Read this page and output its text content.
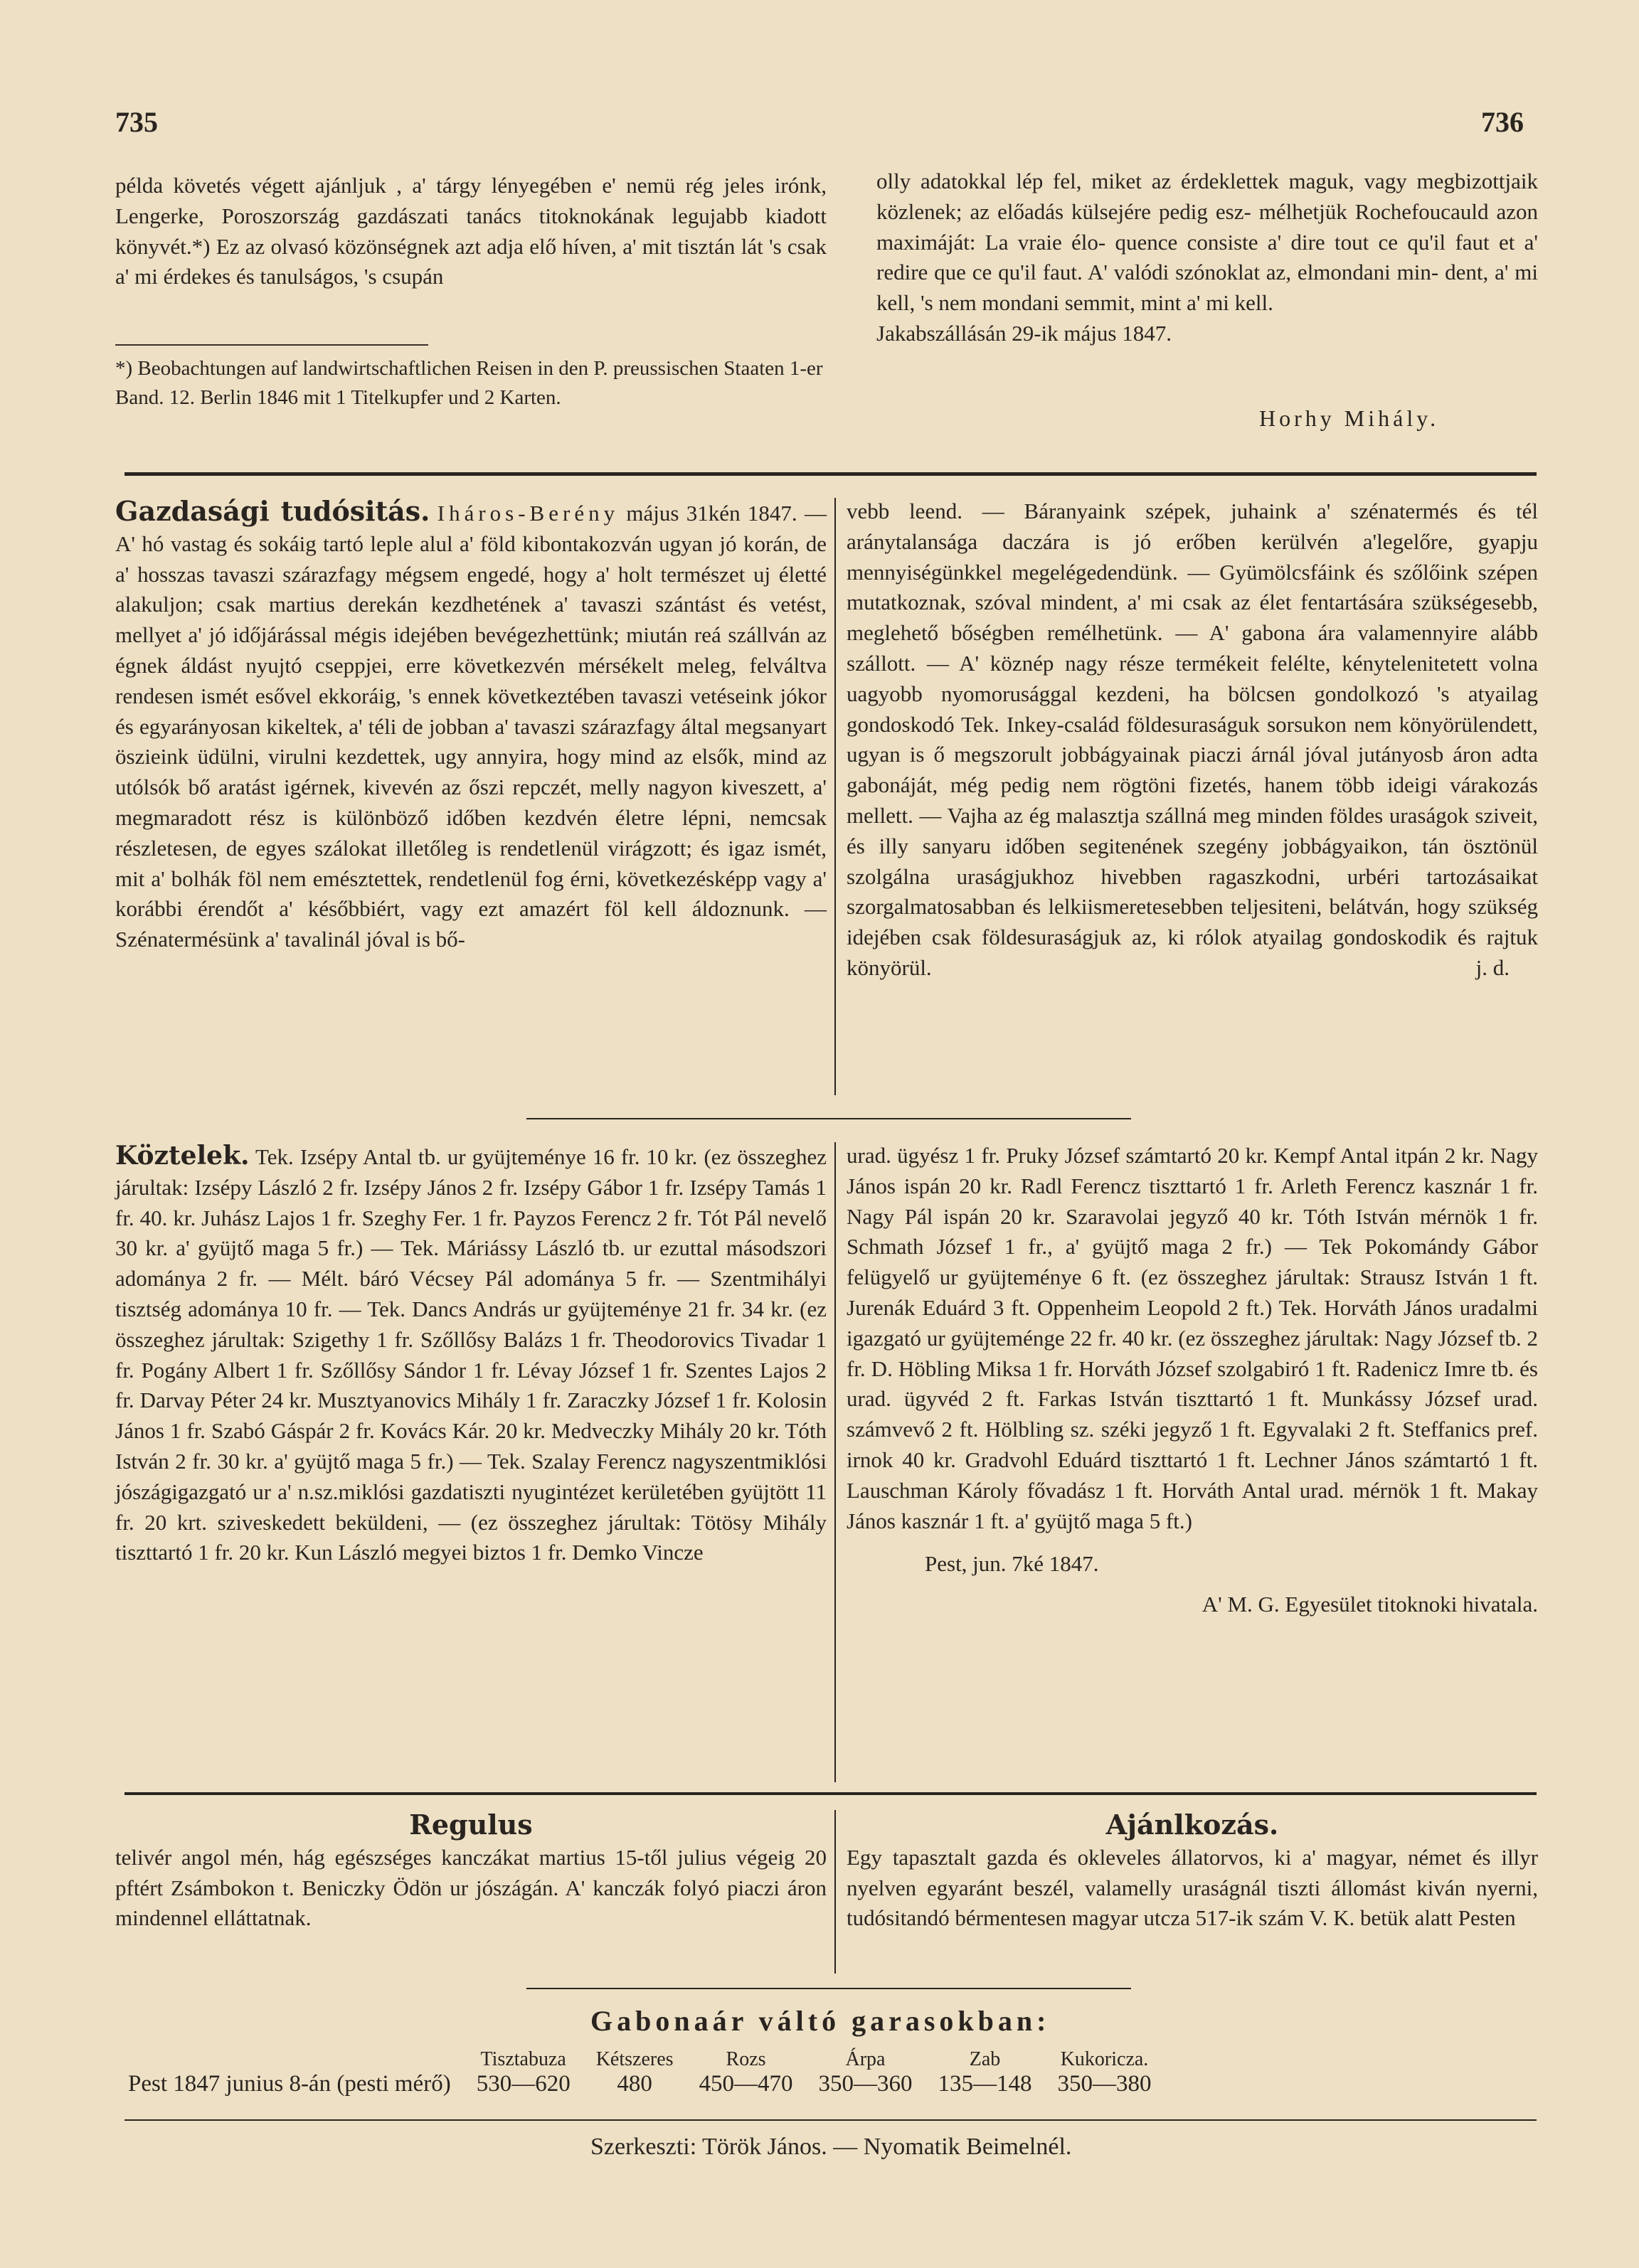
735	736

példa követés végett ajánljuk , a' tárgy lényegében e' nemü rég jeles irónk, Lengerke, Poroszország gazdászati tanács titoknokának legujabb kiadott könyvét.*) Ez az olvasó közönségnek azt adja elő híven, a' mit tisztán lát 's csak a' mi érdekes és tanulságos, 's csupán

*) Beobachtungen auf landwirtschaftlichen Reisen in den P. preussischen Staaten 1-er Band. 12. Berlin 1846 mit 1 Titelkupfer und 2 Karten.

olly adatokkal lép fel, miket az érdeklettek maguk, vagy megbizottjaik közlenek; az előadás külsejére pedig esz- mélhetjük Rochefoucauld azon maximáját: La vraie élo- quence consiste a' dire tout ce qu'il faut et a' redire que ce qu'il faut. A' valódi szónoklat az, elmondani min- dent, a' mi kell, 's nem mondani semmit, mint a' mi kell.

Jakabszállásán 29-ik május 1847.

Horhy Mihály.

Gazdasági tudósitás. Iháros-Berény május 31kén 1847. — A' hó vastag és sokáig tartó leple alul a' föld kibontakozván ugyan jó korán, de a' hosszas tavaszi szárazfagy mégsem engedé, hogy a' holt természet uj életté alakuljon; csak martius derekán kezdhetének a' tavaszi szántást és vetést, mellyet a' jó időjárással mégis idejében bevégezhettünk; miután reá szállván az égnek áldást nyujtó cseppjei, erre következvén mérsékelt meleg, felváltva rendesen ismét esővel ekkoráig, 's ennek következtében tavaszi vetéseink jókor és egyarányosan kikeltek, a' téli de jobban a' tavaszi szárazfagy által megsanyart öszieink üdülni, virulni kezdettek, ugy annyira, hogy mind az elsők, mind az utólsók bő aratást igérnek, kivevén az őszi repczét, melly nagyon kiveszett, a' megmaradott rész is különböző időben kezdvén életre lépni, nemcsak részletesen, de egyes szálokat illetőleg is rendetlenül virágzott; és igaz ismét, mit a' bolhák föl nem emésztettek, rendetlenül fog érni, következésképp vagy a' korábbi érendőt a' későbbiért, vagy ezt amazért föl kell áldoznunk. — Szénatermésünk a' tavalinál jóval is bő-

vebb leend. — Báranyaink szépek, juhaink a' szénatermés és tél aránytalansága daczára is jó erőben kerülvén a'legelőre, gyapju mennyiségünkkel megelégedendünk. — Gyümölcsfáink és szőlőink szépen mutatkoznak, szóval mindent, a' mi csak az élet fentartására szükségesebb, meglehető bőségben remélhetünk. — A' gabona ára valamennyire alább szállott. — A' köznép nagy része termékeit felélte, kénytelenitetett volna uagyobb nyomorusággal kezdeni, ha bölcsen gondolkozó 's atyailag gondoskodó Tek. Inkey-család földesuraságuk sorsukon nem könyörülendett, ugyan is ő megszorult jobbágyainak piaczi árnál jóval jutányosb áron adta gabonáját, még pedig nem rögtöni fizetés, hanem több ideigi várakozás mellett. — Vajha az ég malasztja szállná meg minden földes uraságok sziveit, és illy sanyaru időben segitenének szegény jobbágyaikon, tán ösztönül szolgálna uraságjukhoz hivebben ragaszkodni, urbéri tartozásaikat szorgalmatosabban és lelkiismeretesebben teljesiteni, belátván, hogy szükség idejében csak földesuraságjuk az, ki rólok atyailag gondoskodik és rajtuk könyörül.	j. d.

Köztelek. Tek. Izsépy Antal tb. ur gyüjteménye 16 fr. 10 kr. (ez összeghez járultak: Izsépy László 2 fr. Izsépy János 2 fr. Izsépy Gábor 1 fr. Izsépy Tamás 1 fr. 40. kr. Juhász Lajos 1 fr. Szeghy Fer. 1 fr. Payzos Ferencz 2 fr. Tót Pál nevelő 30 kr. a' gyüjtő maga 5 fr.) — Tek. Máriássy László tb. ur ezuttal másodszori adományа 2 fr. — Mélt. báró Vécsey Pál adománya 5 fr. — Szentmihályi tisztség adománya 10 fr. — Tek. Dancs András ur gyüjteménye 21 fr. 34 kr. (ez összeghez járultak: Szigethy 1 fr. Szőllősy Balázs 1 fr. Theodorovics Tivadar 1 fr. Pogány Albert 1 fr. Szőllősy Sándor 1 fr. Lévay József 1 fr. Szentes Lajos 2 fr. Darvay Péter 24 kr. Musztyanovics Mihály 1 fr. Zaraczky József 1 fr. Kolosin János 1 fr. Szabó Gáspár 2 fr. Kovács Kár. 20 kr. Medveczky Mihály 20 kr. Tóth István 2 fr. 30 kr. a' gyüjtő maga 5 fr.) — Tek. Szalay Ferencz nagyszentmiklósi jószágigazgató ur a' n.sz.miklósi gazdatiszti nyugintézet kerületében gyüjtött 11 fr. 20 krt. sziveskedett beküldeni, — (ez összeghez járultak: Tötösy Mihály tiszttartó 1 fr. 20 kr. Kun László megyei biztos 1 fr. Demko Vincze

urad. ügyész 1 fr. Pruky József számtartó 20 kr. Kempf Antal itpán 2 kr. Nagy János ispán 20 kr. Radl Ferencz tiszttartó 1 fr. Arleth Ferencz kasznár 1 fr. Nagy Pál ispán 20 kr. Szaravolai jegyző 40 kr. Tóth István mérnök 1 fr. Schmath József 1 fr., a' gyüjtő maga 2 fr.) — Tek Pokomándy Gábor felügyelő ur gyüjteménye 6 ft. (ez összeghez járultak: Strausz István 1 ft. Jurenák Eduárd 3 ft. Oppenheim Leopold 2 ft.) Tek. Horváth János uradalmi igazgató ur gyüjteménge 22 fr. 40 kr. (ez összeghez járultak: Nagy József tb. 2 fr. D. Höbling Miksa 1 fr. Horváth József szolgabiró 1 ft. Radenicz Imre tb. és urad. ügyvéd 2 ft. Farkas István tiszttartó 1 ft. Munkássy József urad. számvevő 2 ft. Hölbling sz. széki jegyző 1 ft. Egyvalaki 2 ft. Steffanics pref. irnok 40 kr. Gradvohl Eduárd tiszttartó 1 ft. Lechner János számtartó 1 ft. Lauschman Károly fővadász 1 ft. Horváth Antal urad. mérnök 1 ft. Makay János kasznár 1 ft. a' gyüjtő maga 5 ft.)

Pest, jun. 7ké 1847.

A' M. G. Egyesület titoknoki hivatala.

Regulus

telivér angol mén, hág egészséges kanczákat martius 15-től julius végeig 20 pftért Zsámbokon t. Beniczky Ödön ur jószágán. A' kanczák folyó piaczi áron mindennel elláttatnak.

Ajánlkozás.

Egy tapasztalt gazda és okleveles állatorvos, ki a' magyar, német és illyr nyelven egyaránt beszél, valamelly uraságnál tiszti állomást kiván nyerni, tudósitandó bérmentesen magyar utcza 517-ik szám V. K. betük alatt Pesten

Gabonaár váltó garasokban:
	Tisztabuza	Kétszeres	Rozs	Árpa	Zab	Kukoricza.
Pest 1847 junius 8-án (pesti mérő)	530—620	480	450—470	350—360	135—148	350—380
Szerkeszti: Török János. — Nyomatik Beimelnél.
